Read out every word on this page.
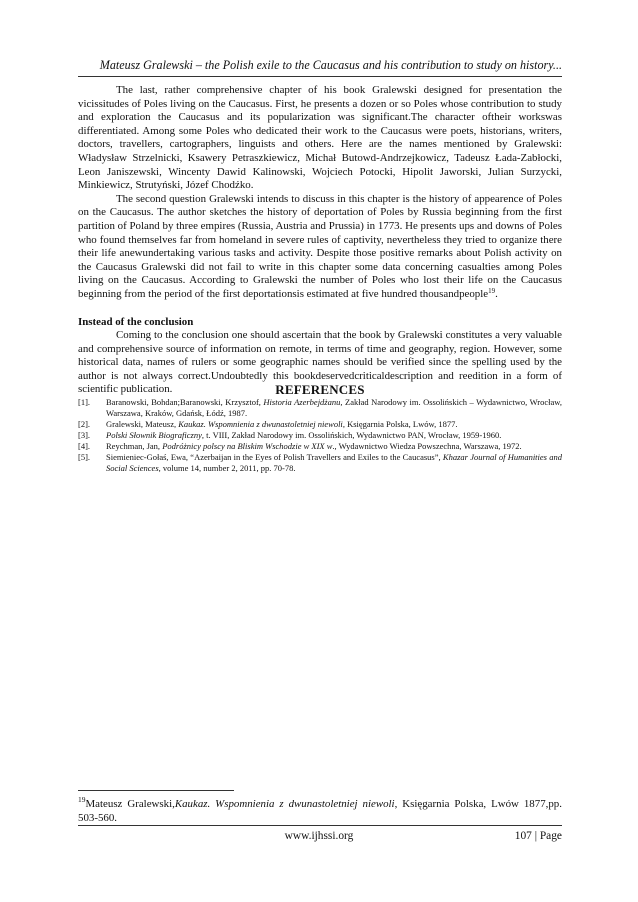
Mateusz Gralewski – the Polish exile to the Caucasus and his contribution to study on history...

The last, rather comprehensive chapter of his book Gralewski designed for presentation the vicissitudes of Poles living on the Caucasus. First, he presents a dozen or so Poles whose contribution to study and exploration the Caucasus and its popularization was significant.The character oftheir workswas differentiated. Among some Poles who dedicated their work to the Caucasus were poets, historians, writers, doctors, travellers, cartographers, linguists and others. Here are the names mentioned by Gralewski: Władysław Strzelnicki, Ksawery Petraszkiewicz, Michał Butowd-Andrzejkowicz, Tadeusz Łada-Zabłocki, Leon Janiszewski, Wincenty Dawid Kalinowski, Wojciech Potocki, Hipolit Jaworski, Julian Surzycki, Minkiewicz, Strutyński, Józef Chodźko.

The second question Gralewski intends to discuss in this chapter is the history of appearence of Poles on the Caucasus. The author sketches the history of deportation of Poles by Russia beginning from the first partition of Poland by three empires (Russia, Austria and Prussia) in 1773. He presents ups and downs of Poles who found themselves far from homeland in severe rules of captivity, nevertheless they tried to organize there their life anewundertaking various tasks and activity. Despite those positive remarks about Polish activity on the Caucasus Gralewski did not fail to write in this chapter some data concerning casualties among Poles living on the Caucasus. According to Gralewski the number of Poles who lost their life on the Caucasus beginning from the period of the first deportationsis estimated at five hundred thousandpeople$^{19}$.

Instead of the conclusion

Coming to the conclusion one should ascertain that the book by Gralewski constitutes a very valuable and comprehensive source of information on remote, in terms of time and geography, region. However, some historical data, names of rulers or some geographic names should be verified since the spelling used by the author is not always correct.Undoubtedly this bookdeservedcriticaldescription and reedition in a form of scientific publication.	REFERENCES
[1]. Baranowski, Bohdan;Baranowski, Krzysztof, Historia Azerbejdżanu, Zakład Narodowy im. Ossolińskich – Wydawnictwo, Wrocław, Warszawa, Kraków, Gdańsk, Łódź, 1987.
[2]. Gralewski, Mateusz, Kaukaz. Wspomnienia z dwunastoletniej niewoli, Księgarnia Polska, Lwów, 1877.
[3]. Polski Słownik Biograficzny, t. VIII, Zakład Narodowy im. Ossolińskich, Wydawnictwo PAN, Wrocław, 1959-1960.
[4]. Reychman, Jan, Podróżnicy polscy na Bliskim Wschodzie w XIX w., Wydawnictwo Wiedza Powszechna, Warszawa, 1972.
[5]. Siemieniec-Gołaś, Ewa, “Azerbaijan in the Eyes of Polish Travellers and Exiles to the Caucasus”, Khazar Journal of Humanities and Social Sciences, volume 14, number 2, 2011, pp. 70-78.
$^{19}$Mateusz Gralewski,Kaukaz. Wspomnienia z dwunastoletniej niewoli, Księgarnia Polska, Lwów 1877,pp. 503-560.
www.ijhssi.org	107 | Page
